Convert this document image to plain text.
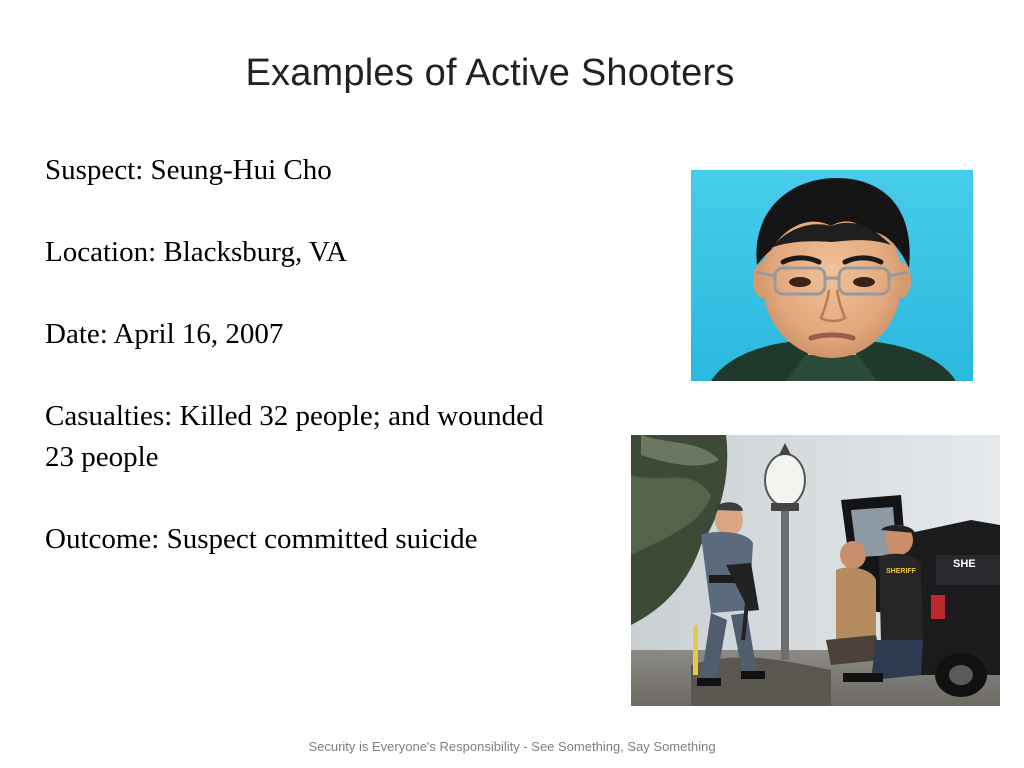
Examples of Active Shooters

Suspect: Seung-Hui Cho

Location: Blacksburg, VA

Date: April 16, 2007

Casualties: Killed 32 people; and wounded 23 people

Outcome: Suspect committed suicide

SHE
SHERIFF
Security is Everyone's Responsibility - See Something, Say Something
